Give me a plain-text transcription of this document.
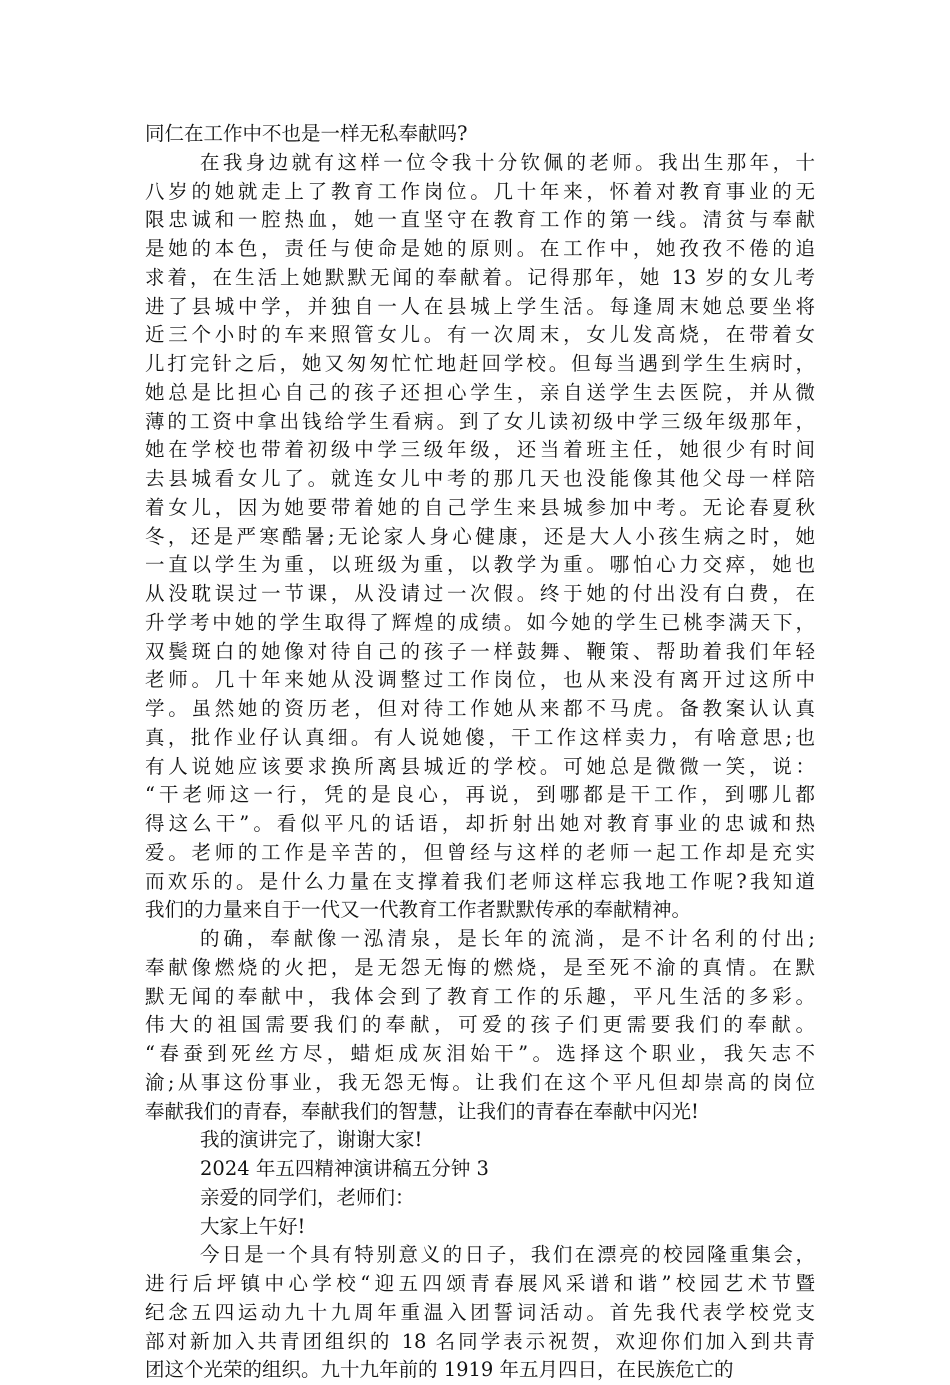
同仁在工作中不也是一样无私奉献吗?
在我身边就有这样一位令我十分钦佩的老师。我出生那年，十
八岁的她就走上了教育工作岗位。几十年来，怀着对教育事业的无
限忠诚和一腔热血，她一直坚守在教育工作的第一线。清贫与奉献
是她的本色，责任与使命是她的原则。在工作中，她孜孜不倦的追
求着，在生活上她默默无闻的奉献着。记得那年，她 13 岁的女儿考
进了县城中学，并独自一人在县城上学生活。每逢周末她总要坐将
近三个小时的车来照管女儿。有一次周末，女儿发高烧，在带着女
儿打完针之后，她又匆匆忙忙地赶回学校。但每当遇到学生生病时，
她总是比担心自己的孩子还担心学生，亲自送学生去医院，并从微
薄的工资中拿出钱给学生看病。到了女儿读初级中学三级年级那年，
她在学校也带着初级中学三级年级，还当着班主任，她很少有时间
去县城看女儿了。就连女儿中考的那几天也没能像其他父母一样陪
着女儿，因为她要带着她的自己学生来县城参加中考。无论春夏秋
冬，还是严寒酷暑;无论家人身心健康，还是大人小孩生病之时，她
一直以学生为重，以班级为重，以教学为重。哪怕心力交瘁，她也
从没耽误过一节课，从没请过一次假。终于她的付出没有白费，在
升学考中她的学生取得了辉煌的成绩。如今她的学生已桃李满天下，
双鬓斑白的她像对待自己的孩子一样鼓舞、鞭策、帮助着我们年轻
老师。几十年来她从没调整过工作岗位，也从来没有离开过这所中
学。虽然她的资历老，但对待工作她从来都不马虎。备教案认认真
真，批作业仔认真细。有人说她傻，干工作这样卖力，有啥意思;也
有人说她应该要求换所离县城近的学校。可她总是微微一笑，说：
“干老师这一行，凭的是良心，再说，到哪都是干工作，到哪儿都
得这么干”。看似平凡的话语，却折射出她对教育事业的忠诚和热
爱。老师的工作是辛苦的，但曾经与这样的老师一起工作却是充实
而欢乐的。是什么力量在支撑着我们老师这样忘我地工作呢?我知道
我们的力量来自于一代又一代教育工作者默默传承的奉献精神。
的确，奉献像一泓清泉，是长年的流淌，是不计名利的付出;
奉献像燃烧的火把，是无怨无悔的燃烧，是至死不渝的真情。在默
默无闻的奉献中，我体会到了教育工作的乐趣，平凡生活的多彩。
伟大的祖国需要我们的奉献，可爱的孩子们更需要我们的奉献。
“春蚕到死丝方尽，蜡炬成灰泪始干”。选择这个职业，我矢志不
渝;从事这份事业，我无怨无悔。让我们在这个平凡但却崇高的岗位
奉献我们的青春，奉献我们的智慧，让我们的青春在奉献中闪光!
我的演讲完了，谢谢大家!
2024 年五四精神演讲稿五分钟 3
亲爱的同学们，老师们：
大家上午好!
今日是一个具有特别意义的日子，我们在漂亮的校园隆重集会，
进行后坪镇中心学校“迎五四颂青春展风采谱和谐”校园艺术节暨
纪念五四运动九十九周年重温入团誓词活动。首先我代表学校党支
部对新加入共青团组织的 18 名同学表示祝贺，欢迎你们加入到共青
团这个光荣的组织。九十九年前的 1919 年五月四日，在民族危亡的
